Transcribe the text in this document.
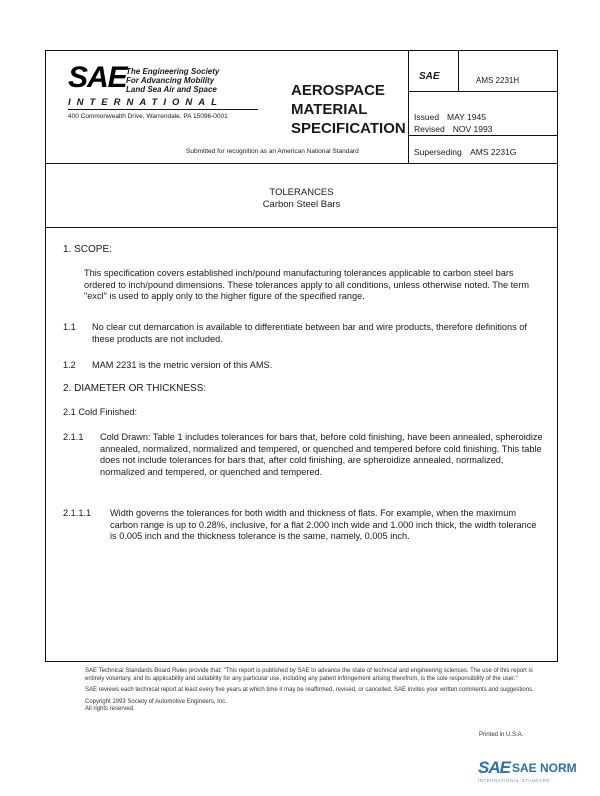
SAE The Engineering Society
For Advancing Mobility
Land Sea Air and Space
INTERNATIONAL
400 Commonwealth Drive, Warrendale, PA 15096-0001
Submitted for recognition as an American National Standard
AEROSPACE
MATERIAL
SPECIFICATION
SAE	AMS 2231H
Issued MAY 1945
Revised NOV 1993
Superseding AMS 2231G
TOLERANCES
Carbon Steel Bars
1. SCOPE:
This specification covers established inch/pound manufacturing tolerances applicable to carbon steel bars ordered to inch/pound dimensions. These tolerances apply to all conditions, unless otherwise noted. The term "excl" is used to apply only to the higher figure of the specified range.
1.1 No clear cut demarcation is available to differentiate between bar and wire products, therefore definitions of these products are not included.
1.2 MAM 2231 is the metric version of this AMS.
2. DIAMETER OR THICKNESS:
2.1 Cold Finished:
2.1.1 Cold Drawn: Table 1 includes tolerances for bars that, before cold finishing, have been annealed, spheroidize annealed, normalized, normalized and tempered, or quenched and tempered before cold finishing. This table does not include tolerances for bars that, after cold finishing, are spheroidize annealed, normalized, normalized and tempered, or quenched and tempered.
2.1.1.1 Width governs the tolerances for both width and thickness of flats. For example, when the maximum carbon range is up to 0.28%, inclusive, for a flat 2.000 inch wide and 1.000 inch thick, the width tolerance is 0.005 inch and the thickness tolerance is the same, namely, 0.005 inch.
SAE Technical Standards Board Rules provide that: "This report is published by SAE to advance the state of technical and engineering sciences. The use of this report is entirely voluntary, and its applicability and suitability for any particular use, including any patent infringement arising therefrom, is the sole responsibility of the user."
SAE reviews each technical report at least every five years at which time it may be reaffirmed, revised, or cancelled. SAE invites your written comments and suggestions.
Copyright 1993 Society of Automotive Engineers, Inc.
All rights reserved.
Printed in U.S.A.
SAE SAE NORM
INTERNATIONAL STANDARD
